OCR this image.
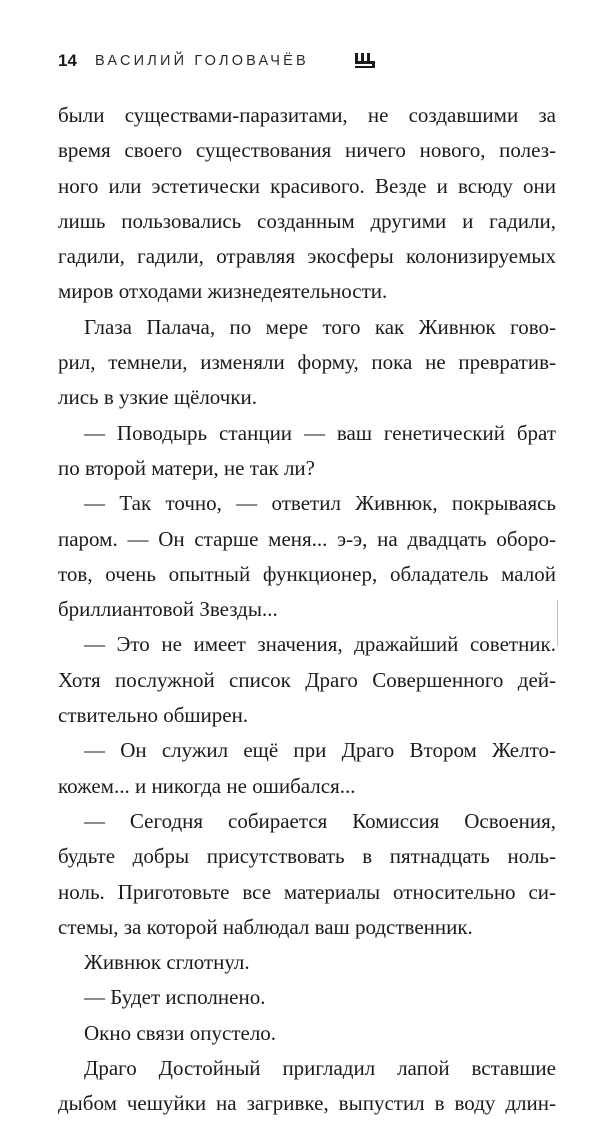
14 ВАСИЛИЙ ГОЛОВАЧЁВ
были существами-паразитами, не создавшими за
время своего существования ничего нового, полез-
ного или эстетически красивого. Везде и всюду они
лишь пользовались созданным другими и гадили,
гадили, гадили, отравляя экосферы колонизируемых
миров отходами жизнедеятельности.
Глаза Палача, по мере того как Живнюк гово-
рил, темнели, изменяли форму, пока не превратив-
лись в узкие щёлочки.
— Поводырь станции — ваш генетический брат
по второй матери, не так ли?
— Так точно, — ответил Живнюк, покрываясь
паром. — Он старше меня... э-э, на двадцать оборо-
тов, очень опытный функционер, обладатель малой
бриллиантовой Звезды...
— Это не имеет значения, дражайший советник.
Хотя послужной список Драго Совершенного дей-
ствительно обширен.
— Он служил ещё при Драго Втором Желто-
кожем... и никогда не ошибался...
— Сегодня собирается Комиссия Освоения,
будьте добры присутствовать в пятнадцать ноль-
ноль. Приготовьте все материалы относительно си-
стемы, за которой наблюдал ваш родственник.
Живнюк сглотнул.
— Будет исполнено.
Окно связи опустело.
Драго Достойный пригладил лапой вставшие
дыбом чешуйки на загривке, выпустил в воду длин-
